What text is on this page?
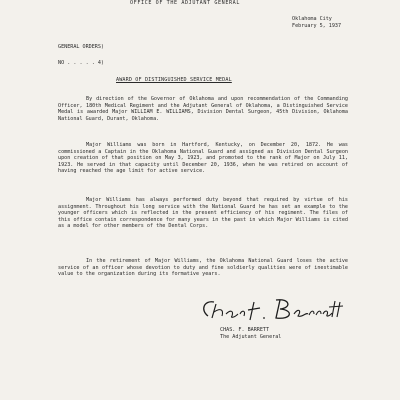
OFFICE OF THE ADJUTANT GENERAL
Oklahoma City
February 5, 1937
GENERAL ORDERS)
NO . . . . . 4)
AWARD OF DISTINGUISHED SERVICE MEDAL
By direction of the Governor of Oklahoma and upon recommendation of the Commanding Officer, 180th Medical Regiment and the Adjutant General of Oklahoma, a Distinguished Service Medal is awarded Major WILLIAM E. WILLIAMS, Division Dental Surgeon, 45th Division, Oklahoma National Guard, Durant, Oklahoma.
Major Williams was born in Hartford, Kentucky, on December 20, 1872. He was commissioned a Captain in the Oklahoma National Guard and assigned as Division Dental Surgeon upon creation of that position on May 3, 1923, and promoted to the rank of Major on July 11, 1923. He served in that capacity until December 20, 1936, when he was retired on account of having reached the age limit for active service.
Major Williams has always performed duty beyond that required by virtue of his assignment. Throughout his long service with the National Guard he has set an example to the younger officers which is reflected in the present efficiency of his regiment. The files of this office contain correspondence for many years in the past in which Major Williams is cited as a model for other members of the Dental Corps.
In the retirement of Major Williams, the Oklahoma National Guard loses the active service of an officer whose devotion to duty and fine soldierly qualities were of inestimable value to the organization during its formative years.
CHAS. F. BARRETT
The Adjutant General
